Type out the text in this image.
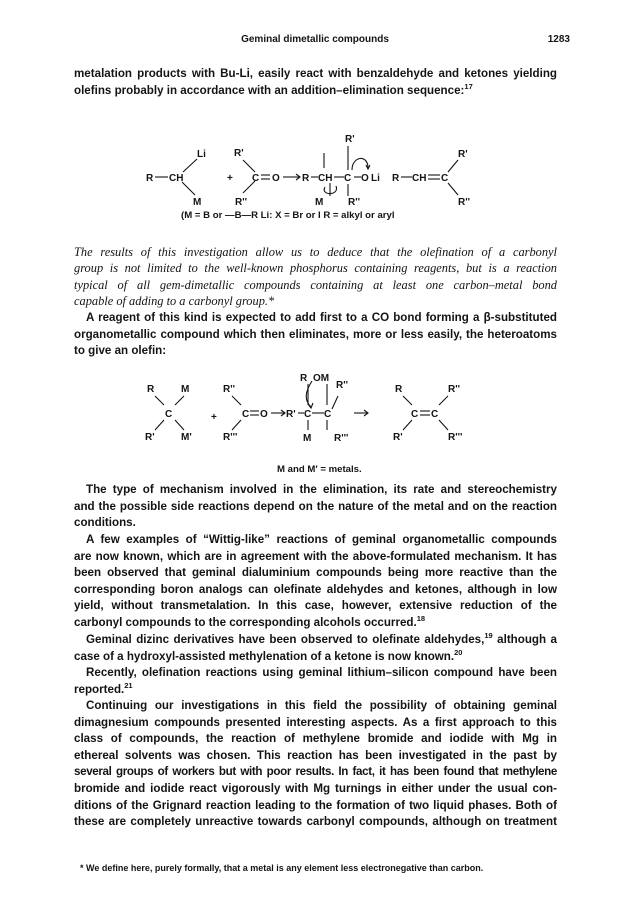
Geminal dimetallic compounds	1283
metalation products with Bu-Li, easily react with benzaldehyde and ketones yielding
olefins probably in accordance with an addition–elimination sequence:$^{17}$
R CH
Li
M
+
R'
C
R''
O R CH C
R'
R''
O Li
M
R CH C
R'
R''
(M = B or —B—R Li: X = Br or I R = alkyl or aryl
The results of this investigation allow us to deduce that the olefination of a carbonyl
group is not limited to the well-known phosphorus containing reagents, but is a reaction
typical of all gem-dimetallic compounds containing at least one carbon–metal bond
capable of adding to a carbonyl group.*
A reagent of this kind is expected to add first to a CO bond forming a β-substituted
organometallic compound which then eliminates, more or less easily, the heteroatoms
to give an olefin:
R	M
C
R'	M'
+
R''
C
R'''
O R' C C
R
M
OM
R''
R'''
R
C
R'
C
R''
R'''
M and M′ = metals.
The type of mechanism involved in the elimination, its rate and stereochemistry
and the possible side reactions depend on the nature of the metal and on the reaction
conditions.
A few examples of “Wittig-like” reactions of geminal organometallic compounds
are now known, which are in agreement with the above-formulated mechanism. It has
been observed that geminal dialuminium compounds being more reactive than the
corresponding boron analogs can olefinate aldehydes and ketones, although in low
yield, without transmetalation. In this case, however, extensive reduction of the
carbonyl compounds to the corresponding alcohols occurred.$^{18}$
Geminal dizinc derivatives have been observed to olefinate aldehydes,$^{19}$ although a
case of a hydroxyl-assisted methylenation of a ketone is now known.$^{20}$
Recently, olefination reactions using geminal lithium–silicon compound have been
reported.$^{21}$
Continuing our investigations in this field the possibility of obtaining geminal
dimagnesium compounds presented interesting aspects. As a first approach to this
class of compounds, the reaction of methylene bromide and iodide with Mg in
ethereal solvents was chosen. This reaction has been investigated in the past by
several groups of workers but with poor results. In fact, it has been found that methylene
bromide and iodide react vigorously with Mg turnings in either under the usual con-
ditions of the Grignard reaction leading to the formation of two liquid phases. Both of
these are completely unreactive towards carbonyl compounds, although on treatment
* We define here, purely formally, that a metal is any element less electronegative than carbon.
